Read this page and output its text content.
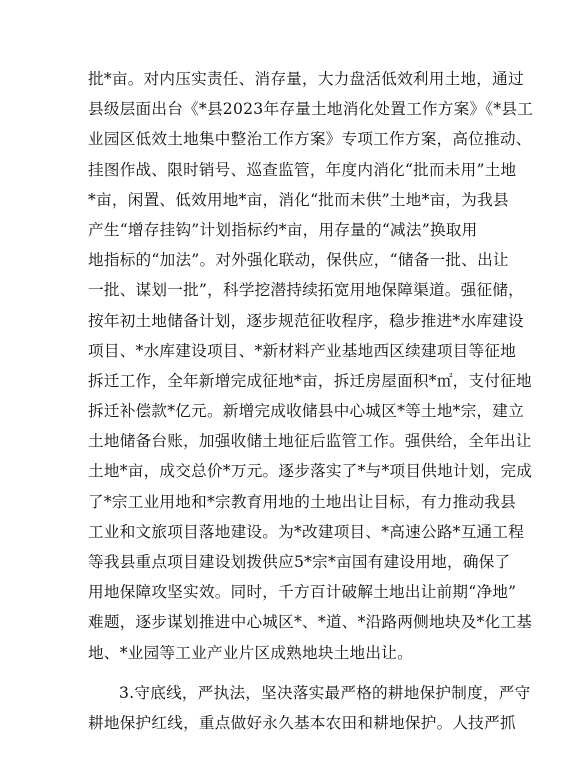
批*亩。对内压实责任、消存量，大力盘活低效利用土地，通过
县级层面出台《*县2023年存量土地消化处置工作方案》《*县工
业园区低效土地集中整治工作方案》专项工作方案，高位推动、
挂图作战、限时销号、巡查监管，年度内消化“批而未用”土地
*亩，闲置、低效用地*亩，消化“批而未供”土地*亩，为我县
产生“增存挂钩”计划指标约*亩，用存量的“减法”换取用
地指标的“加法”。对外强化联动，保供应，“储备一批、出让
一批、谋划一批”，科学挖潜持续拓宽用地保障渠道。强征储，
按年初土地储备计划，逐步规范征收程序，稳步推进*水库建设
项目、*水库建设项目、*新材料产业基地西区续建项目等征地
拆迁工作，全年新增完成征地*亩，拆迁房屋面积*㎡，支付征地
拆迁补偿款*亿元。新增完成收储县中心城区*等土地*宗，建立
土地储备台账，加强收储土地征后监管工作。强供给，全年出让
土地*亩，成交总价*万元。逐步落实了*与*项目供地计划，完成
了*宗工业用地和*宗教育用地的土地出让目标，有力推动我县
工业和文旅项目落地建设。为*改建项目、*高速公路*互通工程
等我县重点项目建设划拨供应5*宗*亩国有建设用地，确保了
用地保障攻坚实效。同时，千方百计破解土地出让前期“净地”
难题，逐步谋划推进中心城区*、*道、*沿路两侧地块及*化工基
地、*业园等工业产业片区成熟地块土地出让。
3.守底线，严执法，坚决落实最严格的耕地保护制度，严守
耕地保护红线，重点做好永久基本农田和耕地保护。人技严抓
